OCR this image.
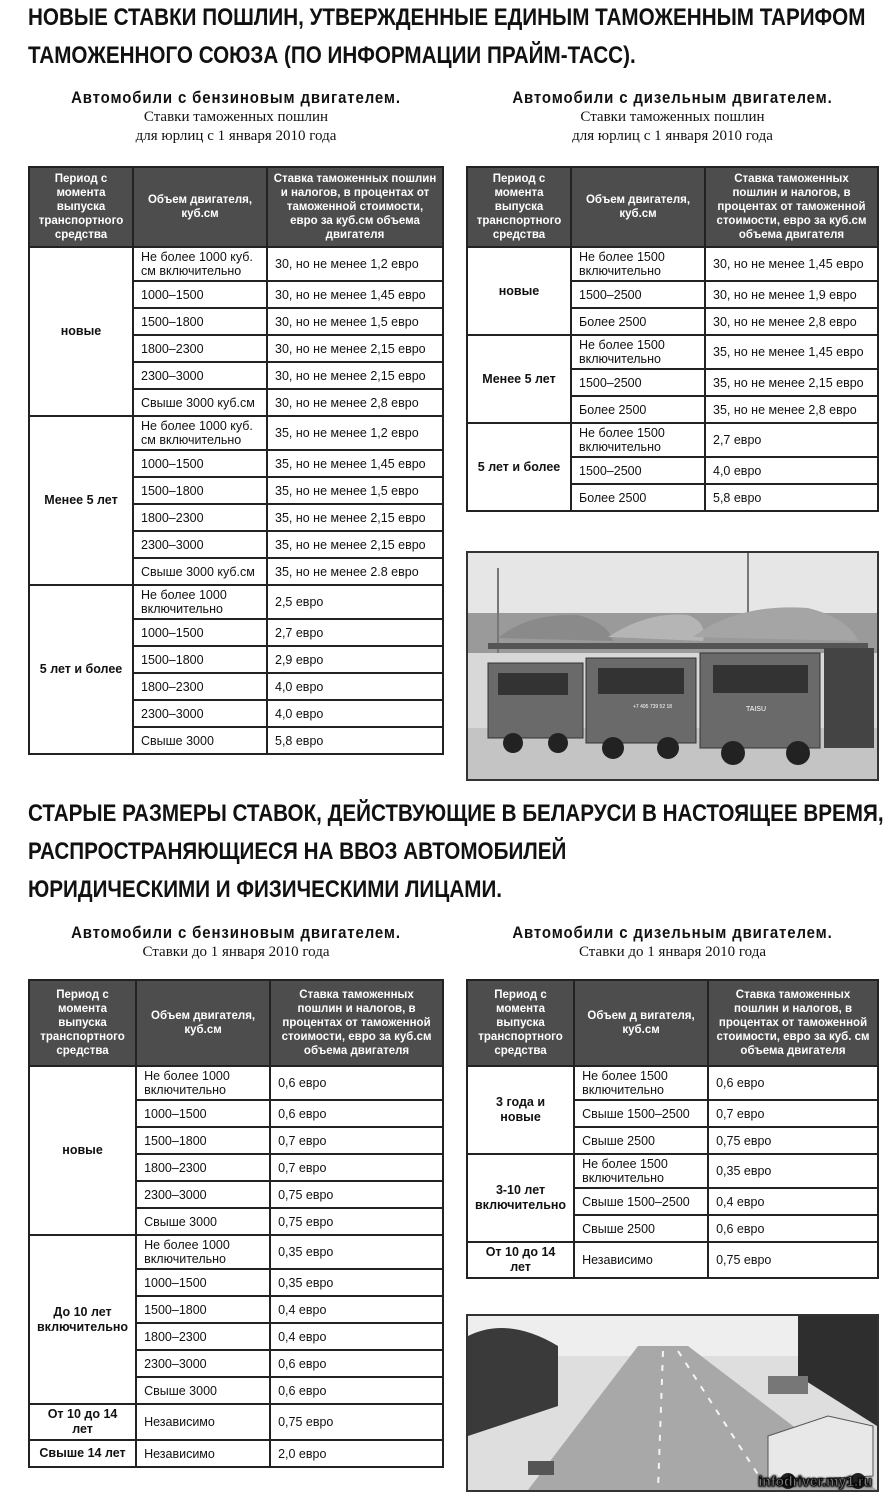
НОВЫЕ СТАВКИ ПОШЛИН, УТВЕРЖДЕННЫЕ ЕДИНЫМ ТАМОЖЕННЫМ ТАРИФОМ
ТАМОЖЕННОГО СОЮЗА (ПО ИНФОРМАЦИИ ПРАЙМ-ТАСС).
Автомобили с бензиновым двигателем.
Ставки таможенных пошлин
для юрлиц с 1 января 2010 года
Автомобили с дизельным двигателем.
Ставки таможенных пошлин
для юрлиц с 1 января 2010 года
Период с момента выпуска транспортного средства	Объем двигателя, куб.см	Ставка таможенных пошлин и налогов, в процентах от таможенной стоимости, евро за куб.см объема двигателя
новые	Не более 1000 куб. см включительно	30, но не менее 1,2 евро
	1000–1500	30, но не менее 1,45 евро
	1500–1800	30, но не менее 1,5 евро
	1800–2300	30, но не менее 2,15 евро
	2300–3000	30, но не менее 2,15 евро
	Свыше 3000 куб.см	30, но не менее 2,8 евро
Менее 5 лет	Не более 1000 куб. см включительно	35, но не менее 1,2 евро
	1000–1500	35, но не менее 1,45 евро
	1500–1800	35, но не менее 1,5 евро
	1800–2300	35, но не менее 2,15 евро
	2300–3000	35, но не менее 2,15 евро
	Свыше 3000 куб.см	35, но не менее 2.8 евро
5 лет и более	Не более 1000 включительно	2,5 евро
	1000–1500	2,7 евро
	1500–1800	2,9 евро
	1800–2300	4,0 евро
	2300–3000	4,0 евро
	Свыше 3000	5,8 евро
Период с момента выпуска транспортного средства	Объем двигателя, куб.см	Ставка таможенных пошлин и налогов, в процентах от таможенной стоимости, евро за куб.см объема двигателя
новые	Не более 1500 включительно	30, но не менее 1,45 евро
	1500–2500	30, но не менее 1,9 евро
	Более 2500	30, но не менее 2,8 евро
Менее 5 лет	Не более 1500 включительно	35, но не менее 1,45 евро
	1500–2500	35, но не менее 2,15 евро
	Более 2500	35, но не менее 2,8 евро
5 лет и более	Не более 1500 включительно	2,7 евро
	1500–2500	4,0 евро
	Более 2500	5,8 евро
TAISU
+7 495 739 52 18
СТАРЫЕ РАЗМЕРЫ СТАВОК, ДЕЙСТВУЮЩИЕ В БЕЛАРУСИ В НАСТОЯЩЕЕ ВРЕМЯ,
РАСПРОСТРАНЯЮЩИЕСЯ НА ВВОЗ АВТОМОБИЛЕЙ
ЮРИДИЧЕСКИМИ И ФИЗИЧЕСКИМИ ЛИЦАМИ.
Автомобили с бензиновым двигателем.
Ставки до 1 января 2010 года
Автомобили с дизельным двигателем.
Ставки до 1 января 2010 года
Период с момента выпуска транспортного средства	Объем двигателя, куб.см	Ставка таможенных пошлин и налогов, в процентах от таможенной стоимости, евро за куб.см объема двигателя
новые	Не более 1000 включительно	0,6 евро
	1000–1500	0,6 евро
	1500–1800	0,7 евро
	1800–2300	0,7 евро
	2300–3000	0,75 евро
	Свыше 3000	0,75 евро
До 10 лет включительно	Не более 1000 включительно	0,35 евро
	1000–1500	0,35 евро
	1500–1800	0,4 евро
	1800–2300	0,4 евро
	2300–3000	0,6 евро
	Свыше 3000	0,6 евро
От 10 до 14 лет	Независимо	0,75 евро
Свыше 14 лет	Независимо	2,0 евро
Период с момента выпуска транспортного средства	Объем д вигателя, куб.см	Ставка таможенных пошлин и налогов, в процентах от таможенной стоимости, евро за куб. см объема двигателя
3 года и новые	Не более 1500 включительно	0,6 евро
	Свыше 1500–2500	0,7 евро
	Свыше 2500	0,75 евро
3-10 лет включительно	Не более 1500 включительно	0,35 евро
	Свыше 1500–2500	0,4 евро
	Свыше 2500	0,6 евро
От 10 до 14 лет	Независимо	0,75 евро
infodriver.my1.ru
